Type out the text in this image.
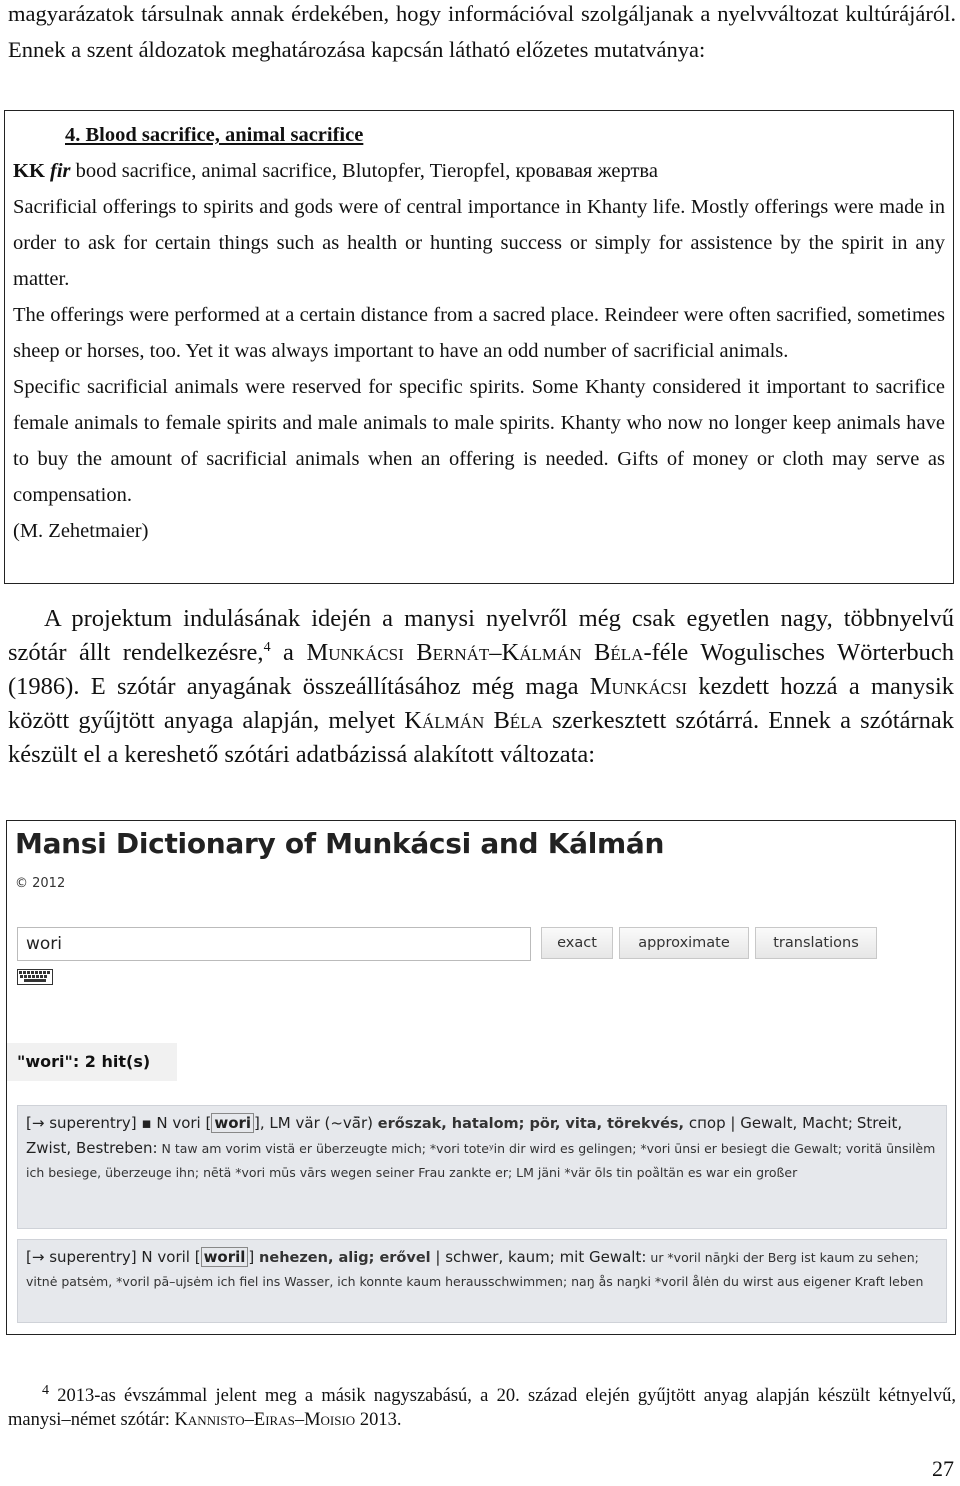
magyarázatok társulnak annak érdekében, hogy információval szolgáljanak a nyelvváltozat kultúrájáról. Ennek a szent áldozatok meghatározása kapcsán látható előzetes mutatványa:

4. Blood sacrifice, animal sacrifice
KK fir bood sacrifice, animal sacrifice, Blutopfer, Tieropfel, кровавая жертва

Sacrificial offerings to spirits and gods were of central importance in Khanty life. Mostly offerings were made in order to ask for certain things such as health or hunting success or simply for assistence by the spirit in any matter.

The offerings were performed at a certain distance from a sacred place. Reindeer were often sacrified, sometimes sheep or horses, too. Yet it was always important to have an odd number of sacrificial animals.

Specific sacrificial animals were reserved for specific spirits. Some Khanty considered it important to sacrifice female animals to female spirits and male animals to male spirits. Khanty who now no longer keep animals have to buy the amount of sacrificial animals when an offering is needed. Gifts of money or cloth may serve as compensation.

(M. Zehetmaier)

A projektum indulásának idején a manysi nyelvről még csak egyetlen nagy, többnyelvű szótár állt rendelkezésre,$^4$ a Munkácsi Bernát–Kálmán Béla-féle Wogulisches Wörterbuch (1986). E szótár anyagának összeállításához még maga Munkácsi kezdett hozzá a manysik között gyűjtött anyaga alapján, melyet Kálmán Béla szerkesztett szótárrá. Ennek a szótárnak készült el a kereshető szótári adatbázissá alakított változata:

Mansi Dictionary of Munkácsi and Kálmán
© 2012
wori
exact	approximate	translations
"wori": 2 hit(s)
[→ superentry] ▪ N vori [ wori ], LM vär (~vā̈r) erőszak, hatalom; pör, vita, törekvés, спор | Gewalt, Macht; Streit, Zwist, Bestreben: N taw am vorim vistä er überzeugte mich; *vori toteʸin dir wird es gelingen; *vori ūnsi er besiegt die Gewalt; voritä ūnsilèm ich besiege, überzeuge ihn; nētä *vori mūs vārs wegen seiner Frau zankte er; LM jäni *vär ōls tin poȁltän es war ein großer
[→ superentry] N voril [ woril ] nehezen, alig; erővel | schwer, kaum; mit Gewalt: ur *voril nāŋki der Berg ist kaum zu sehen; vitnė patsėm, *voril pā–ujsėm ich fiel ins Wasser, ich konnte kaum herausschwimmen; naŋ ås naŋki *voril ålėn du wirst aus eigener Kraft leben

$^4$ 2013-as évszámmal jelent meg a másik nagyszabású, a 20. század elején gyűjtött anyag alapján készült kétnyelvű, manysi–német szótár: Kannisto–Eiras–Moisio 2013.

27
